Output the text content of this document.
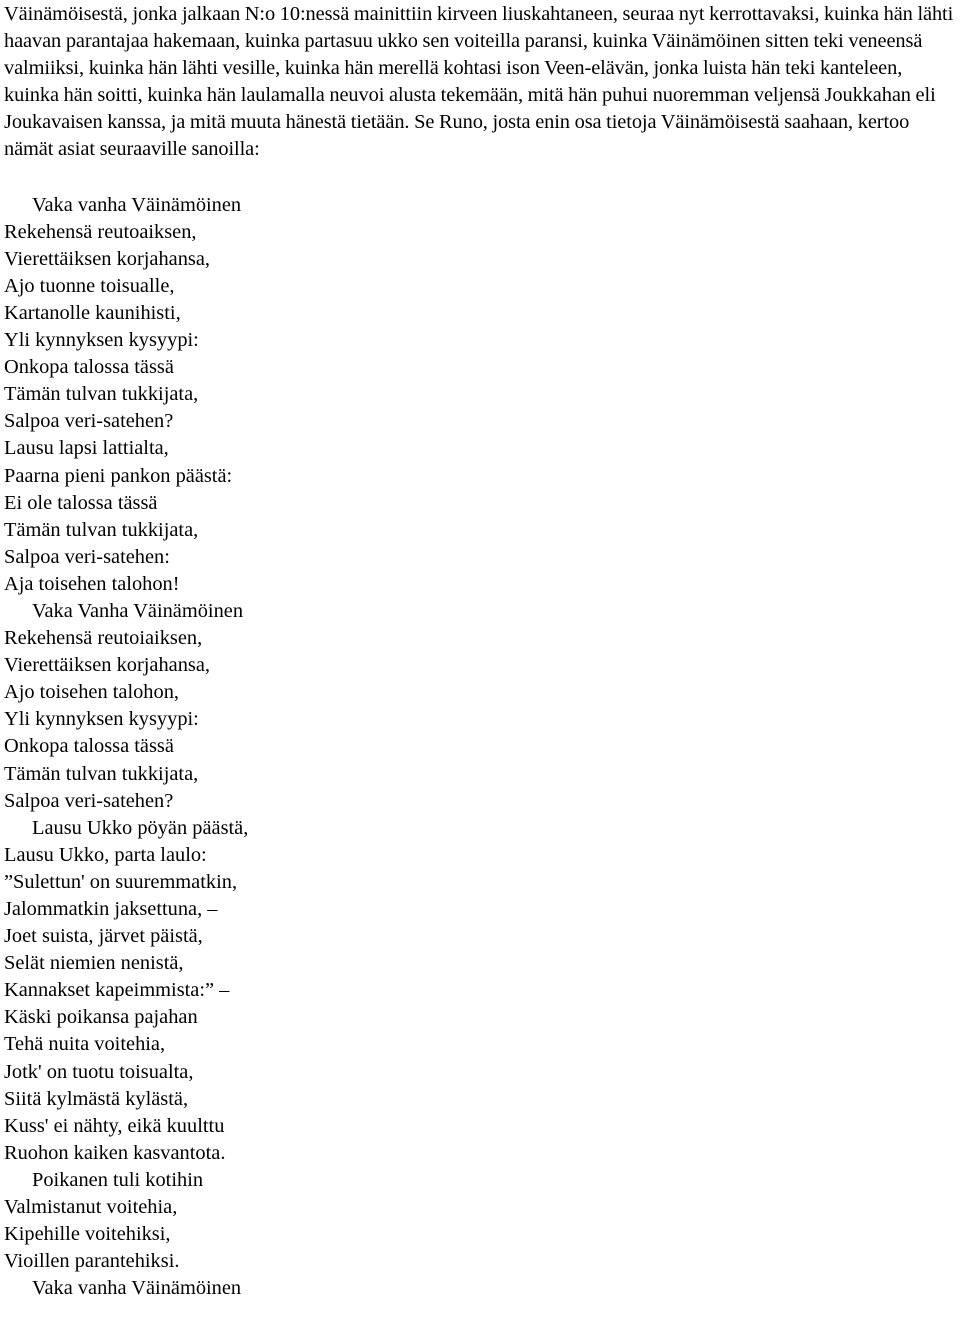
Väinämöisestä, jonka jalkaan N:o 10:nessä mainittiin kirveen liuskahtaneen, seuraa nyt kerrottavaksi, kuinka hän lähti haavan parantajaa hakemaan, kuinka partasuu ukko sen voiteilla paransi, kuinka Väinämöinen sitten teki veneensä valmiiksi, kuinka hän lähti vesille, kuinka hän merellä kohtasi ison Veen-elävän, jonka luista hän teki kanteleen, kuinka hän soitti, kuinka hän laulamalla neuvoi alusta tekemään, mitä hän puhui nuoremman veljensä Joukkahan eli Joukavaisen kanssa, ja mitä muuta hänestä tietään. Se Runo, josta enin osa tietoja Väinämöisestä saahaan, kertoo nämät asiat seuraaville sanoilla:

Vaka vanha Väinämöinen
Rekehensä reutoaiksen,
Vierettäiksen korjahansa,
Ajo tuonne toisualle,
Kartanolle kaunihisti,
Yli kynnyksen kysyypi:
Onkopa talossa tässä
Tämän tulvan tukkijata,
Salpoa veri-satehen?
Lausu lapsi lattialta,
Paarna pieni pankon päästä:
Ei ole talossa tässä
Tämän tulvan tukkijata,
Salpoa veri-satehen:
Aja toisehen talohon!
Vaka Vanha Väinämöinen
Rekehensä reutoiaiksen,
Vierettäiksen korjahansa,
Ajo toisehen talohon,
Yli kynnyksen kysyypi:
Onkopa talossa tässä
Tämän tulvan tukkijata,
Salpoa veri-satehen?
Lausu Ukko pöyän päästä,
Lausu Ukko, parta laulo:
”Sulettun' on suuremmatkin,
Jalommatkin jaksettuna, –
Joet suista, järvet päistä,
Selät niemien nenistä,
Kannakset kapeimmista:” –
Käski poikansa pajahan
Tehä nuita voitehia,
Jotk' on tuotu toisualta,
Siitä kylmästä kylästä,
Kuss' ei nähty, eikä kuulttu
Ruohon kaiken kasvantota.
Poikanen tuli kotihin
Valmistanut voitehia,
Kipehille voitehiksi,
Vioillen parantehiksi.
Vaka vanha Väinämöinen
